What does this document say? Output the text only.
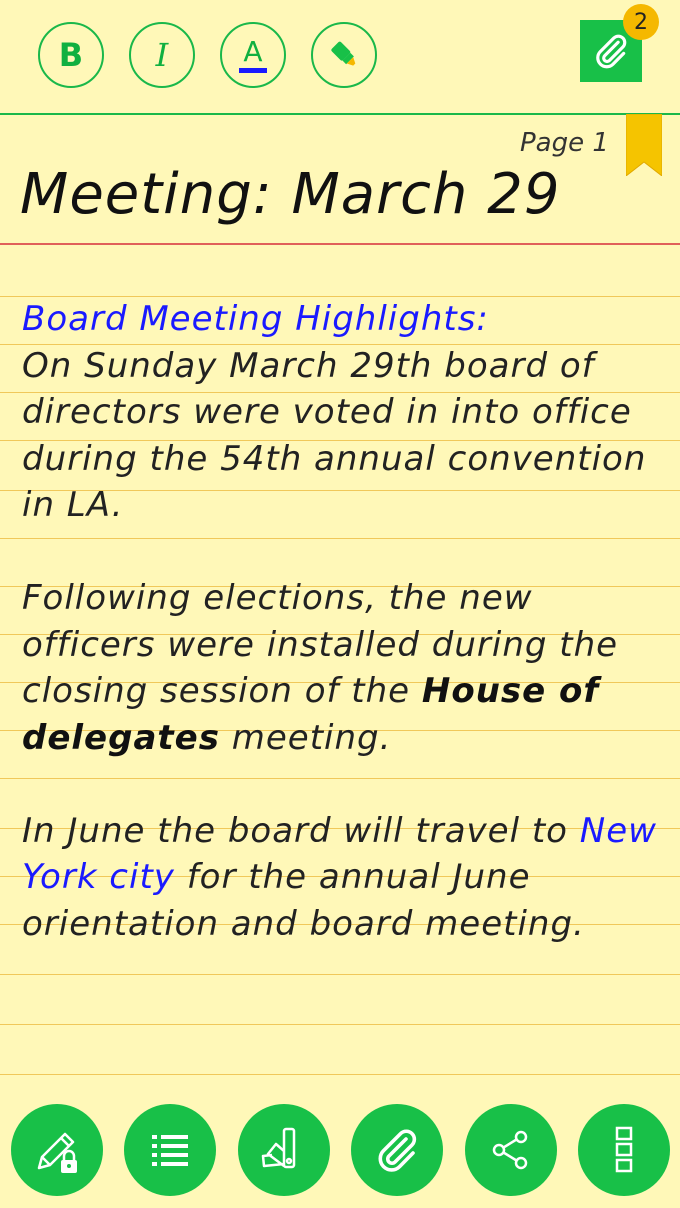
B I	A
2
Page 1
Meeting: March 29

Board Meeting Highlights:

On Sunday March 29th board of directors were voted in into office during the 54th annual convention in LA.

Following elections, the new officers were installed during the closing session of the House of delegates meeting.

In June the board will travel to New York city for the annual June orientation and board meeting.
